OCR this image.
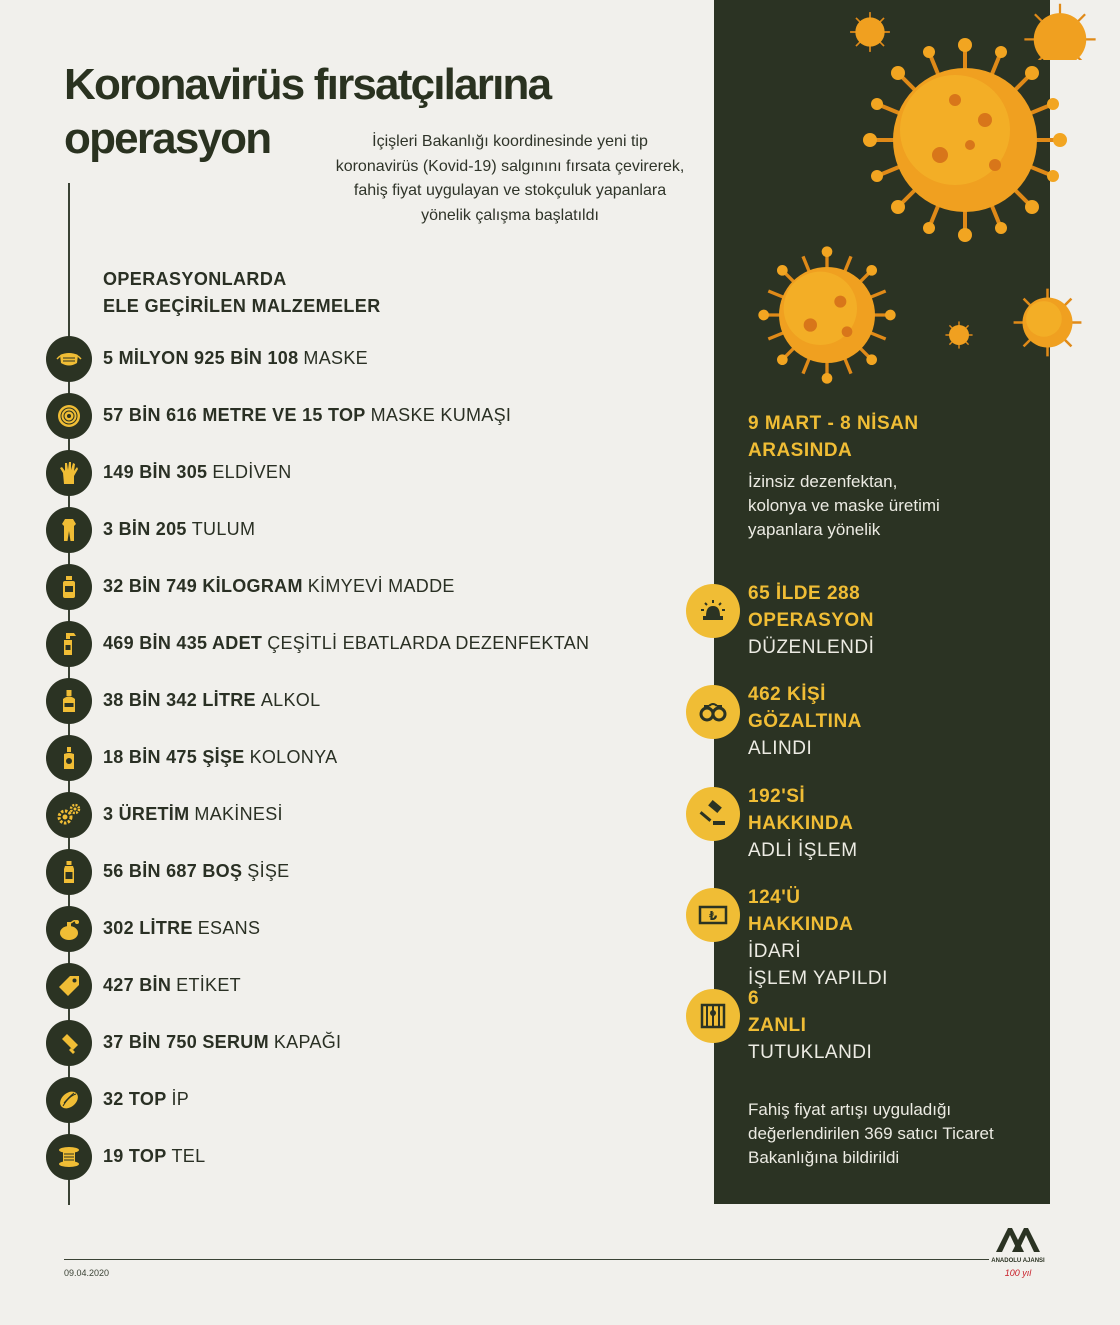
Koronavirüs fırsatçılarına
operasyon	İçişleri Bakanlığı koordinesinde yeni tip koronavirüs (Kovid-19) salgınını fırsata çevirerek, fahiş fiyat uygulayan ve stokçuluk yapanlara yönelik çalışma başlatıldı
OPERASYONLARDA
ELE GEÇİRİLEN MALZEMELER
5 MİLYON 925 BİN 108 MASKE
57 BİN 616 METRE VE 15 TOP MASKE KUMAŞI
149 BİN 305 ELDİVEN
3 BİN 205 TULUM
32 BİN 749 KİLOGRAM KİMYEVİ MADDE
469 BİN 435 ADET ÇEŞİTLİ EBATLARDA DEZENFEKTAN
38 BİN 342 LİTRE ALKOL
18 BİN 475 ŞİŞE KOLONYA
3 ÜRETİM MAKİNESİ
56 BİN 687 BOŞ ŞİŞE
302 LİTRE ESANS
427 BİN ETİKET
37 BİN 750 SERUM KAPAĞI
32 TOP İP
19 TOP TEL
9 MART - 8 NİSAN
ARASINDA
İzinsiz dezenfektan,
kolonya ve maske üretimi
yapanlara yönelik
65 İLDE 288
OPERASYON
DÜZENLENDİ
462 KİŞİ
GÖZALTINA
ALINDI
192'Sİ
HAKKINDA
ADLİ İŞLEM
₺
124'Ü
HAKKINDA
İDARİ
İŞLEM YAPILDI
6
ZANLI
TUTUKLANDI
Fahiş fiyat artışı uyguladığı
değerlendirilen 369 satıcı Ticaret
Bakanlığına bildirildi
09.04.2020
ANADOLU AJANSI
100 yıl
